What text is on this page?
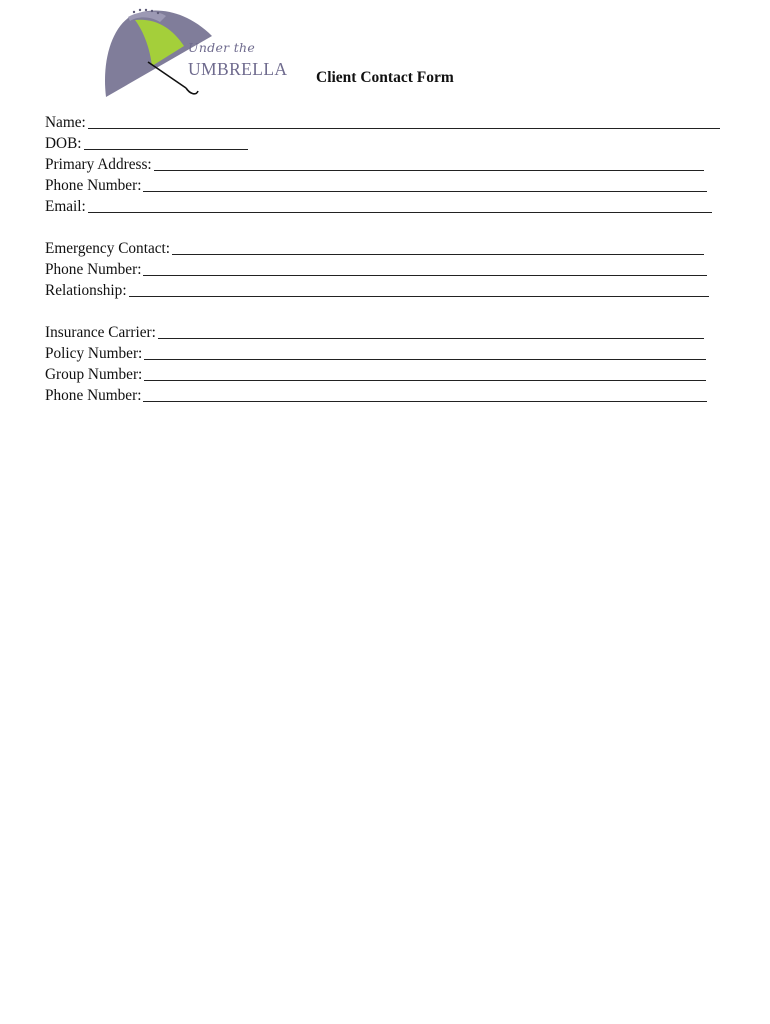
Under the
UMBRELLA Client Contact Form
Name:
DOB:
Primary Address:
Phone Number:
Email:
Emergency Contact:
Phone Number:
Relationship:
Insurance Carrier:
Policy Number:
Group Number:
Phone Number:
